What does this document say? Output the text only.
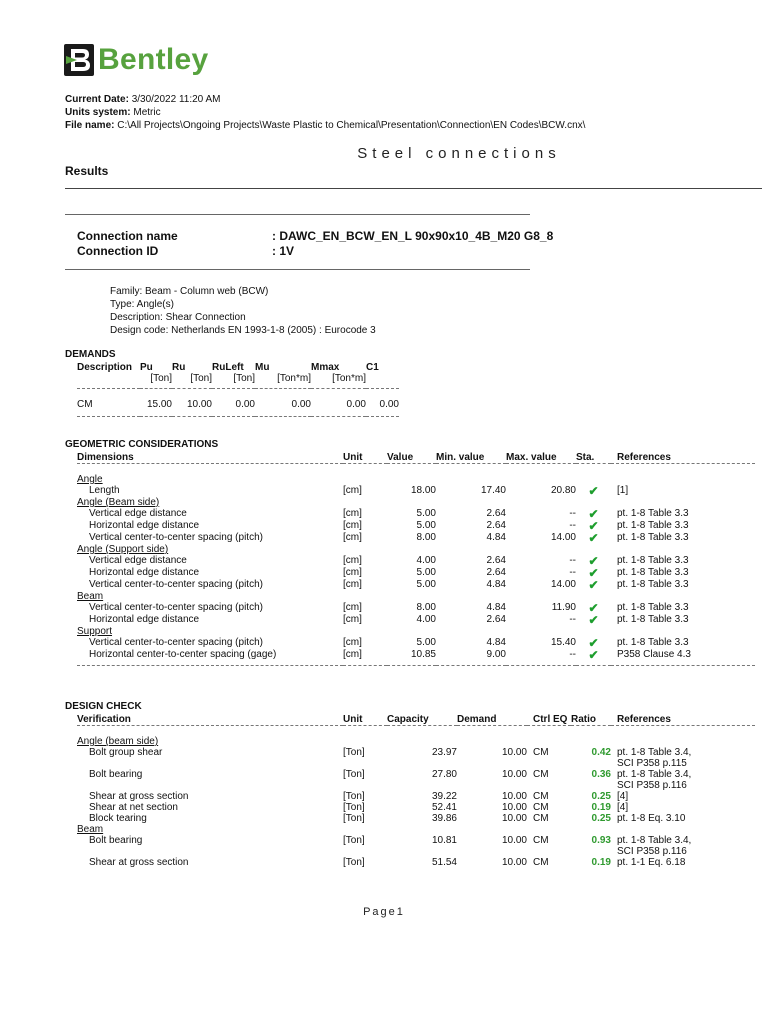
Bentley
Current Date: 3/30/2022 11:20 AM
Units system: Metric
File name: C:\All Projects\Ongoing Projects\Waste Plastic to Chemical\Presentation\Connection\EN Codes\BCW.cnx\
Steel connections
Results
Connection name	: DAWC_EN_BCW_EN_L 90x90x10_4B_M20 G8_8
Connection ID	: 1V
Family: Beam - Column web (BCW)
Type: Angle(s)
Description: Shear Connection
Design code: Netherlands EN 1993-1-8 (2005) : Eurocode 3
DEMANDS
Description	Pu	Ru	RuLeft	Mu	Mmax	C1
	[Ton]	[Ton]	[Ton]	[Ton*m]	[Ton*m]	

CM	15.00	10.00	0.00	0.00	0.00	0.00

GEOMETRIC CONSIDERATIONS
Dimensions	Unit	Value	Min. value	Max. value	Sta.	References

Angle						
Length	[cm]	18.00	17.40	20.80	✔	[1]
Angle (Beam side)						
Vertical edge distance	[cm]	5.00	2.64	--	✔	pt. 1-8 Table 3.3
Horizontal edge distance	[cm]	5.00	2.64	--	✔	pt. 1-8 Table 3.3
Vertical center-to-center spacing (pitch)	[cm]	8.00	4.84	14.00	✔	pt. 1-8 Table 3.3
Angle (Support side)						
Vertical edge distance	[cm]	4.00	2.64	--	✔	pt. 1-8 Table 3.3
Horizontal edge distance	[cm]	5.00	2.64	--	✔	pt. 1-8 Table 3.3
Vertical center-to-center spacing (pitch)	[cm]	5.00	4.84	14.00	✔	pt. 1-8 Table 3.3
Beam						
Vertical center-to-center spacing (pitch)	[cm]	8.00	4.84	11.90	✔	pt. 1-8 Table 3.3
Horizontal edge distance	[cm]	4.00	2.64	--	✔	pt. 1-8 Table 3.3
Support						
Vertical center-to-center spacing (pitch)	[cm]	5.00	4.84	15.40	✔	pt. 1-8 Table 3.3
Horizontal center-to-center spacing (gage)	[cm]	10.85	9.00	--	✔	P358 Clause 4.3

DESIGN CHECK
Verification	Unit	Capacity	Demand	Ctrl EQ	Ratio	References

Angle (beam side)						
Bolt group shear	[Ton]	23.97	10.00	CM	0.42	pt. 1-8 Table 3.4,
SCI P358 p.115

Bolt bearing	[Ton]	27.80	10.00	CM	0.36	pt. 1-8 Table 3.4,
SCI P358 p.116

Shear at gross section	[Ton]	39.22	10.00	CM	0.25	[4]

Shear at net section	[Ton]	52.41	10.00	CM	0.19	[4]

Block tearing	[Ton]	39.86	10.00	CM	0.25	pt. 1-8 Eq. 3.10

Beam						
Bolt bearing	[Ton]	10.81	10.00	CM	0.93	pt. 1-8 Table 3.4,
SCI P358 p.116

Shear at gross section	[Ton]	51.54	10.00	CM	0.19	pt. 1-1 Eq. 6.18
Page1
